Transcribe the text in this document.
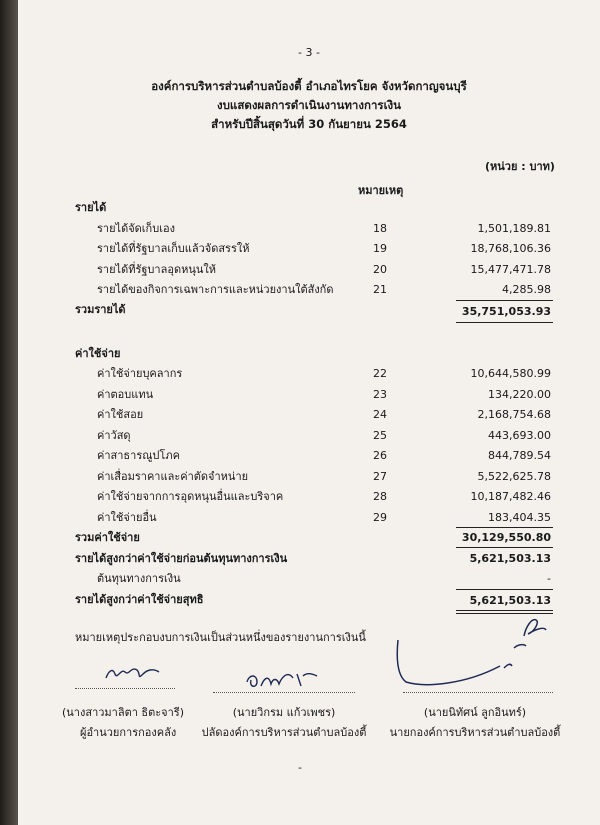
- 3 -
องค์การบริหารส่วนตำบลบ้องตี้ อำเภอไทรโยค จังหวัดกาญจนบุรี
งบแสดงผลการดำเนินงานทางการเงิน
สำหรับปีสิ้นสุดวันที่ 30 กันยายน 2564
(หน่วย : บาท)
หมายเหตุ
รายได้
รายได้จัดเก็บเอง	18	1,501,189.81
รายได้ที่รัฐบาลเก็บแล้วจัดสรรให้	19	18,768,106.36
รายได้ที่รัฐบาลอุดหนุนให้	20	15,477,471.78
รายได้ของกิจการเฉพาะการและหน่วยงานใต้สังกัด	21	4,285.98
รวมรายได้	35,751,053.93
ค่าใช้จ่าย
ค่าใช้จ่ายบุคลากร	22	10,644,580.99
ค่าตอบแทน	23	134,220.00
ค่าใช้สอย	24	2,168,754.68
ค่าวัสดุ	25	443,693.00
ค่าสาธารณูปโภค	26	844,789.54
ค่าเสื่อมราคาและค่าตัดจำหน่าย	27	5,522,625.78
ค่าใช้จ่ายจากการอุดหนุนอื่นและบริจาค	28	10,187,482.46
ค่าใช้จ่ายอื่น	29	183,404.35
รวมค่าใช้จ่าย	30,129,550.80
รายได้สูงกว่าค่าใช้จ่ายก่อนต้นทุนทางการเงิน	5,621,503.13
ต้นทุนทางการเงิน	-
รายได้สูงกว่าค่าใช้จ่ายสุทธิ	5,621,503.13
หมายเหตุประกอบงบการเงินเป็นส่วนหนึ่งของรายงานการเงินนี้
(นางสาวมาลิตา ธิตะจารี)
ผู้อำนวยการกองคลัง
(นายวิกรม แก้วเพชร)
ปลัดองค์การบริหารส่วนตำบลบ้องตี้
(นายนิทัศน์ ลูกอินทร์)
นายกองค์การบริหารส่วนตำบลบ้องตี้
-
